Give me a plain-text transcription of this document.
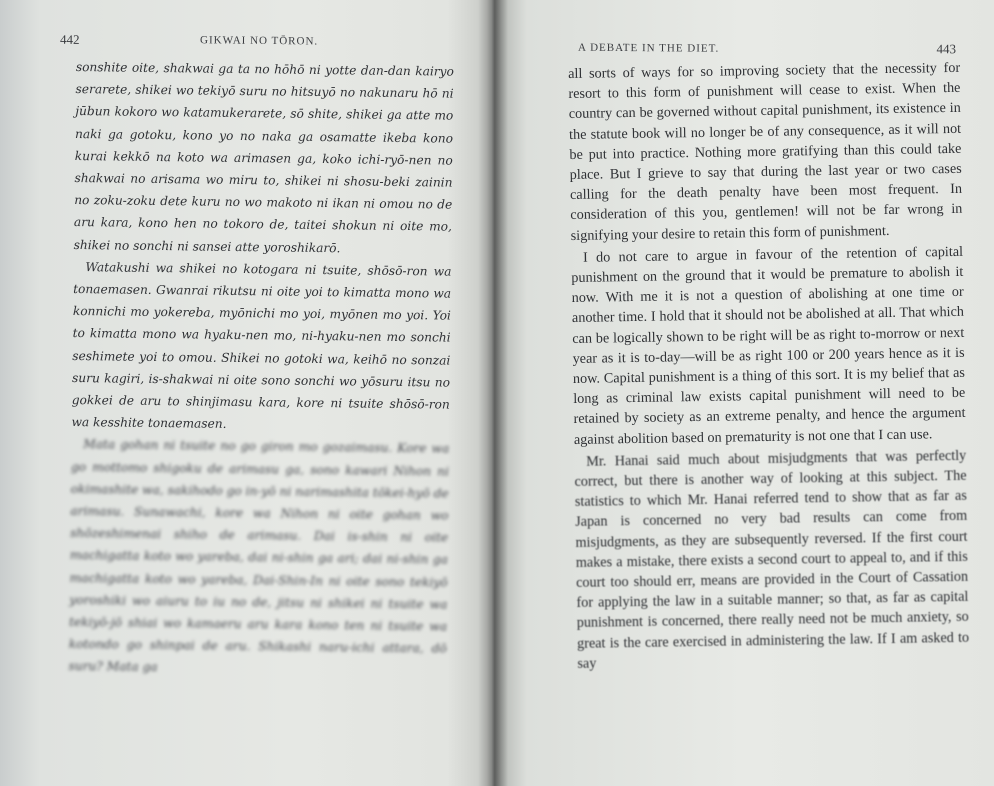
442	GIKWAI NO TŌRON.

sonshite oite, shakwai ga ta no hōhō ni yotte dan-dan kairyo serarete, shikei wo tekiyō suru no hitsuyō no nakunaru hō ni jūbun kokoro wo katamukerarete, sō shite, shikei ga atte mo naki ga gotoku, kono yo no naka ga osamatte ikeba kono kurai kekkō na koto wa arimasen ga, koko ichi-ryō-nen no shakwai no arisama wo miru to, shikei ni shosu-beki zainin no zoku-zoku dete kuru no wo makoto ni ikan ni omou no de aru kara, kono hen no tokoro de, taitei shokun ni oite mo, shikei no sonchi ni sansei atte yoroshikarō.

Watakushi wa shikei no kotogara ni tsuite, shōsō-ron wa tonaemasen. Gwanrai rikutsu ni oite yoi to kimatta mono wa konnichi mo yokereba, myōnichi mo yoi, myōnen mo yoi. Yoi to kimatta mono wa hyaku-nen mo, ni-hyaku-nen mo sonchi seshimete yoi to omou. Shikei no gotoki wa, keihō no sonzai suru kagiri, is-shakwai ni oite sono sonchi wo yōsuru itsu no gokkei de aru to shinjimasu kara, kore ni tsuite shōsō-ron wa kesshite tonaemasen.

Mata gohan ni tsuite no go giron mo gozaimasu. Kore wa go mottomo shigoku de arimasu ga, sono kawari Nihon ni okimashite wa, sakihodo go in-yō ni narimashita tōkei-hyō de arimasu. Sunawachi, kore wa Nihon ni oite gohan wo shōzeshimenai shiho de arimasu. Dai is-shin ni oite machigatta koto wo yareba, dai ni-shin ga ari; dai ni-shin ga machigatta koto wo yareba, Dai-Shin-In ni oite sono tekiyō yoroshiki wo aiuru to iu no de, jitsu ni shikei ni tsuite wa tekiyō-jō shiai wo kamaeru aru kara kono ten ni tsuite wa kotondo go shinpai de aru. Shikashi naru-ichi attara, dō suru? Mata ga

A DEBATE IN THE DIET.	443

all sorts of ways for so improving society that the necessity for resort to this form of punishment will cease to exist. When the country can be governed without capital punishment, its existence in the statute book will no longer be of any consequence, as it will not be put into practice. Nothing more gratifying than this could take place. But I grieve to say that during the last year or two cases calling for the death penalty have been most frequent. In consideration of this you, gentlemen! will not be far wrong in signifying your desire to retain this form of punishment.

I do not care to argue in favour of the retention of capital punishment on the ground that it would be premature to abolish it now. With me it is not a question of abolishing at one time or another time. I hold that it should not be abolished at all. That which can be logically shown to be right will be as right to-morrow or next year as it is to-day—will be as right 100 or 200 years hence as it is now. Capital punishment is a thing of this sort. It is my belief that as long as criminal law exists capital punishment will need to be retained by society as an extreme penalty, and hence the argument against abolition based on prematurity is not one that I can use.

Mr. Hanai said much about misjudgments that was perfectly correct, but there is another way of looking at this subject. The statistics to which Mr. Hanai referred tend to show that as far as Japan is concerned no very bad results can come from misjudgments, as they are subsequently reversed. If the first court makes a mistake, there exists a second court to appeal to, and if this court too should err, means are provided in the Court of Cassation for applying the law in a suitable manner; so that, as far as capital punishment is concerned, there really need not be much anxiety, so great is the care exercised in administering the law. If I am asked to say
